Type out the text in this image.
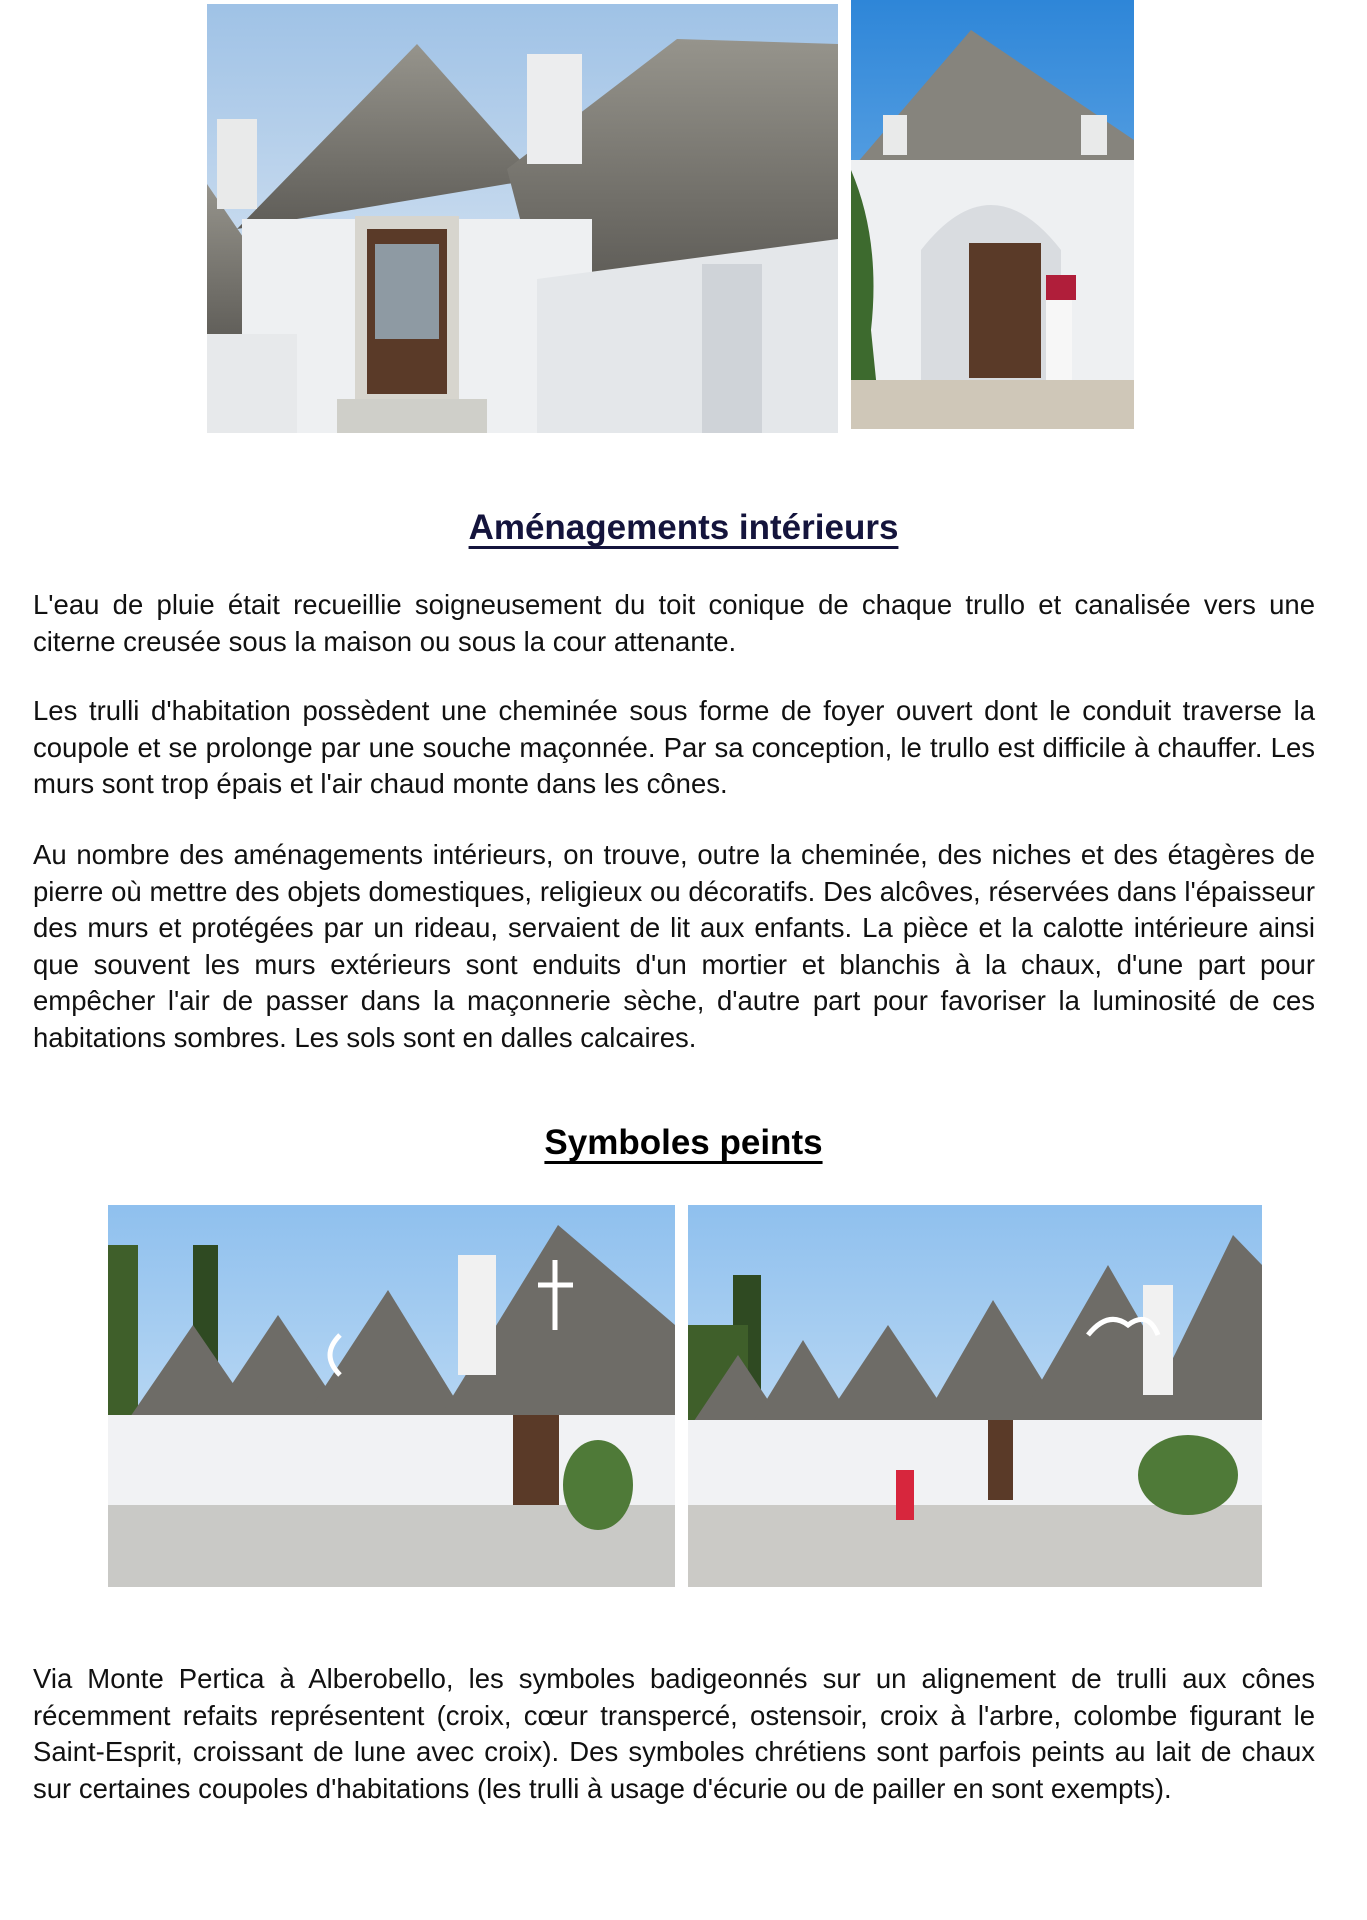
Aménagements intérieurs

L'eau de pluie était recueillie soigneusement du toit conique de chaque trullo et canalisée vers une citerne creusée sous la maison ou sous la cour attenante.

Les trulli d'habitation possèdent une cheminée sous forme de foyer ouvert dont le conduit traverse la coupole et se prolonge par une souche maçonnée. Par sa conception, le trullo est difficile à chauffer. Les murs sont trop épais et l'air chaud monte dans les cônes.

Au nombre des aménagements intérieurs, on trouve, outre la cheminée, des niches et des étagères de pierre où mettre des objets domestiques, religieux ou décoratifs. Des alcôves, réservées dans l'épaisseur des murs et protégées par un rideau, servaient de lit aux enfants. La pièce et la calotte intérieure ainsi que souvent les murs extérieurs sont enduits d'un mortier et blanchis à la chaux, d'une part pour empêcher l'air de passer dans la maçonnerie sèche, d'autre part pour favoriser la luminosité de ces habitations sombres. Les sols sont en dalles calcaires.

Symboles peints

Via Monte Pertica à Alberobello, les symboles badigeonnés sur un alignement de trulli aux cônes récemment refaits représentent (croix, cœur transpercé, ostensoir, croix à l'arbre, colombe figurant le Saint-Esprit, croissant de lune avec croix). Des symboles chrétiens sont parfois peints au lait de chaux sur certaines coupoles d'habitations (les trulli à usage d'écurie ou de pailler en sont exempts).
